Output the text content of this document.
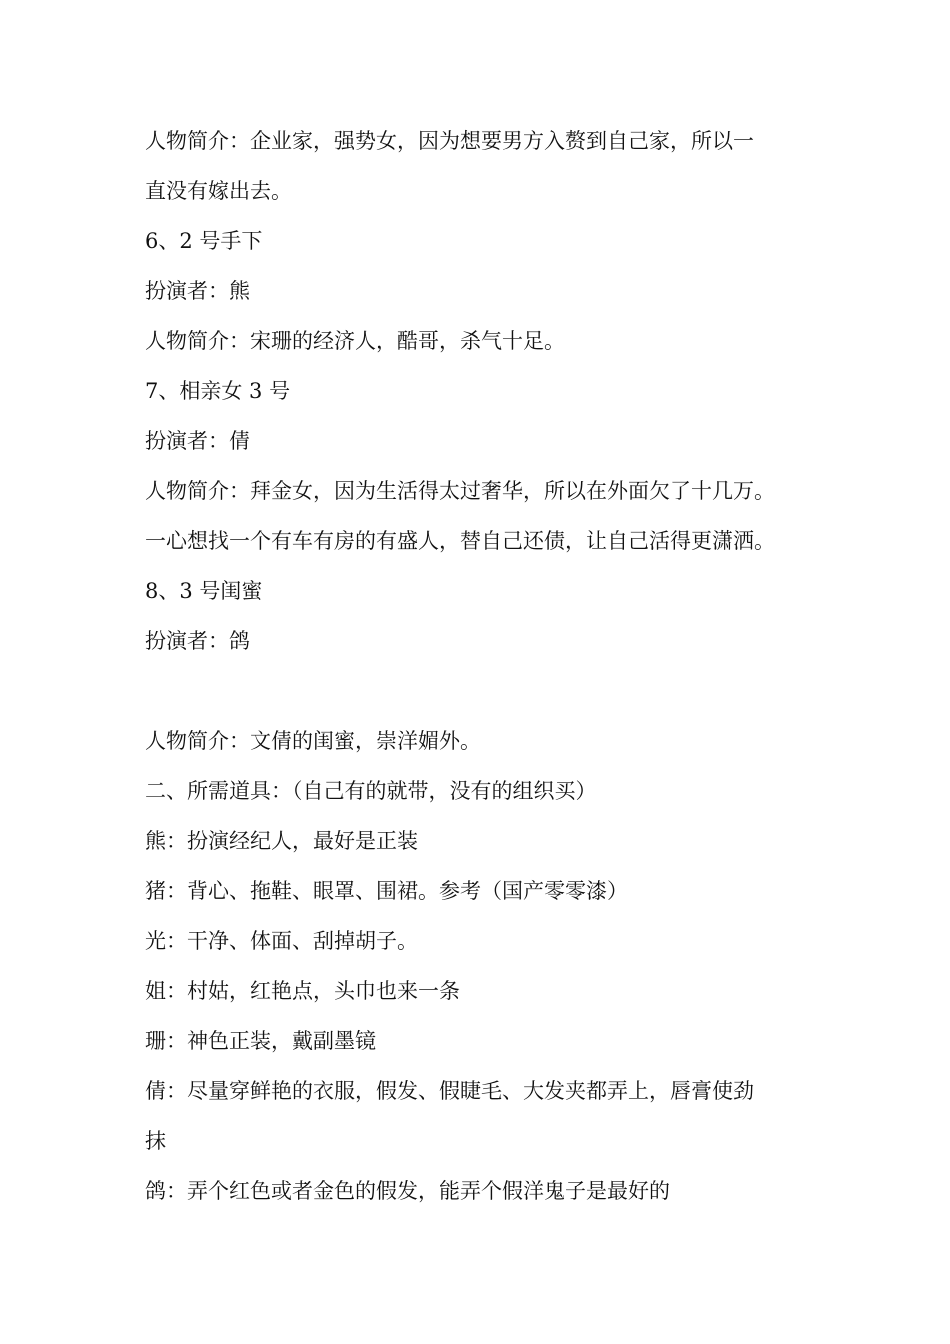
人物简介：企业家，强势女，因为想要男方入赘到自己家，所以一
直没有嫁出去。
6、2 号手下
扮演者：熊
人物简介：宋珊的经济人，酷哥，杀气十足。
7、相亲女 3 号
扮演者：倩
人物简介：拜金女，因为生活得太过奢华，所以在外面欠了十几万。
一心想找一个有车有房的有盛人，替自己还债，让自己活得更潇洒。
8、3 号闺蜜
扮演者：鸽
人物简介：文倩的闺蜜，崇洋媚外。
二、所需道具：（自己有的就带，没有的组织买）
熊：扮演经纪人，最好是正装
猪：背心、拖鞋、眼罩、围裙。参考（国产零零漆）
光：干净、体面、刮掉胡子。
姐：村姑，红艳点，头巾也来一条
珊：神色正装，戴副墨镜
倩：尽量穿鲜艳的衣服，假发、假睫毛、大发夹都弄上，唇膏使劲
抹
鸽：弄个红色或者金色的假发，能弄个假洋鬼子是最好的
